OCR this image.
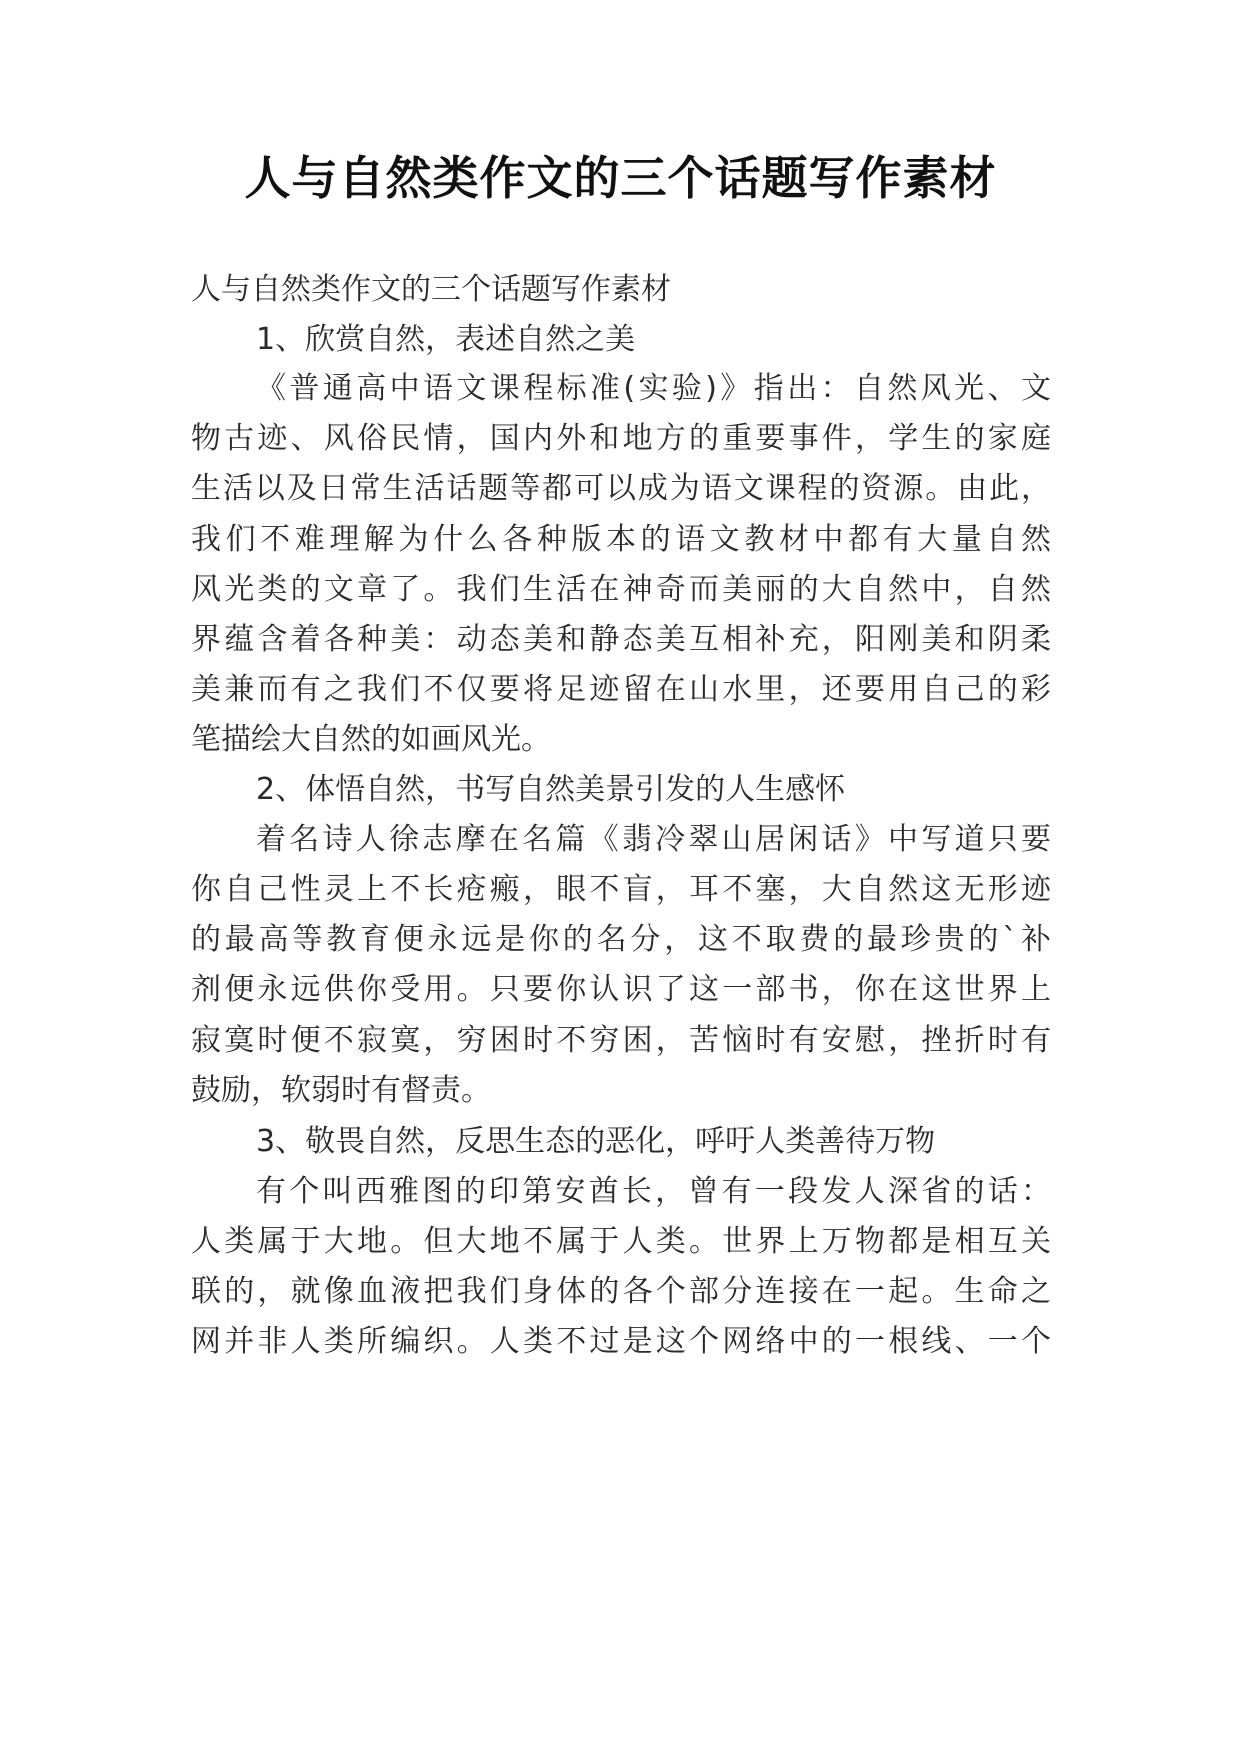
人与自然类作文的三个话题写作素材
人与自然类作文的三个话题写作素材
1、欣赏自然，表述自然之美
《普通高中语文课程标准(实验)》指出：自然风光、文
物古迹、风俗民情，国内外和地方的重要事件，学生的家庭
生活以及日常生活话题等都可以成为语文课程的资源。由此，
我们不难理解为什么各种版本的语文教材中都有大量自然
风光类的文章了。我们生活在神奇而美丽的大自然中，自然
界蕴含着各种美：动态美和静态美互相补充，阳刚美和阴柔
美兼而有之我们不仅要将足迹留在山水里，还要用自己的彩
笔描绘大自然的如画风光。
2、体悟自然，书写自然美景引发的人生感怀
着名诗人徐志摩在名篇《翡冷翠山居闲话》中写道只要
你自己性灵上不长疮瘢，眼不盲，耳不塞，大自然这无形迹
的最高等教育便永远是你的名分，这不取费的最珍贵的`补
剂便永远供你受用。只要你认识了这一部书，你在这世界上
寂寞时便不寂寞，穷困时不穷困，苦恼时有安慰，挫折时有
鼓励，软弱时有督责。
3、敬畏自然，反思生态的恶化，呼吁人类善待万物
有个叫西雅图的印第安酋长，曾有一段发人深省的话：
人类属于大地。但大地不属于人类。世界上万物都是相互关
联的，就像血液把我们身体的各个部分连接在一起。生命之
网并非人类所编织。人类不过是这个网络中的一根线、一个
